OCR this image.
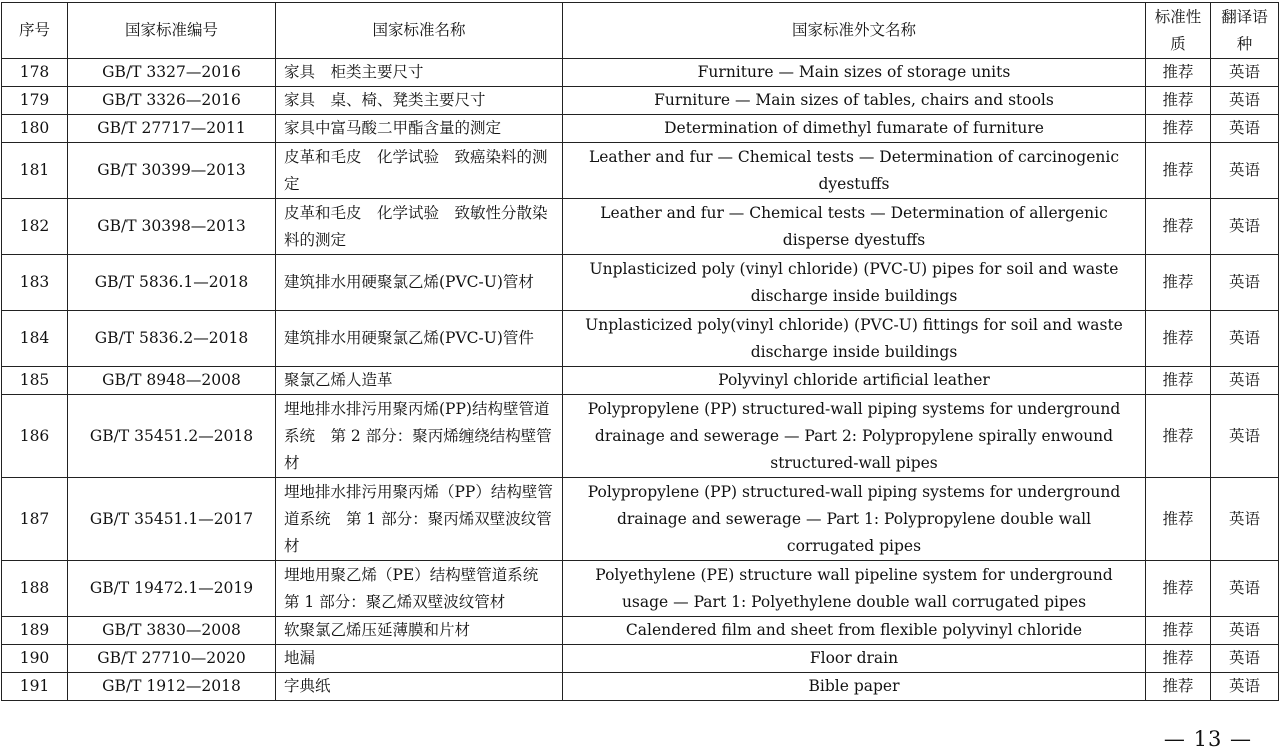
序号	国家标准编号	国家标准名称	国家标准外文名称	标准性质	翻译语种
178	GB/T 3327—2016	家具　柜类主要尺寸	Furniture — Main sizes of storage units	推荐	英语
179	GB/T 3326—2016	家具　桌、椅、凳类主要尺寸	Furniture — Main sizes of tables, chairs and stools	推荐	英语
180	GB/T 27717—2011	家具中富马酸二甲酯含量的测定	Determination of dimethyl fumarate of furniture	推荐	英语
181	GB/T 30399—2013	皮革和毛皮　化学试验　致癌染料的测定	Leather and fur — Chemical tests — Determination of carcinogenic dyestuffs	推荐	英语
182	GB/T 30398—2013	皮革和毛皮　化学试验　致敏性分散染料的测定	Leather and fur — Chemical tests — Determination of allergenic disperse dyestuffs	推荐	英语
183	GB/T 5836.1—2018	建筑排水用硬聚氯乙烯(PVC-U)管材	Unplasticized poly (vinyl chloride) (PVC-U) pipes for soil and waste discharge inside buildings	推荐	英语
184	GB/T 5836.2—2018	建筑排水用硬聚氯乙烯(PVC-U)管件	Unplasticized poly(vinyl chloride) (PVC-U) fittings for soil and waste discharge inside buildings	推荐	英语
185	GB/T 8948—2008	聚氯乙烯人造革	Polyvinyl chloride artificial leather	推荐	英语
186	GB/T 35451.2—2018	埋地排水排污用聚丙烯(PP)结构壁管道系统　第 2 部分：聚丙烯缠绕结构壁管材	Polypropylene (PP) structured-wall piping systems for underground drainage and sewerage — Part 2: Polypropylene spirally enwound structured-wall pipes	推荐	英语
187	GB/T 35451.1—2017	埋地排水排污用聚丙烯（PP）结构壁管道系统　第 1 部分：聚丙烯双壁波纹管材	Polypropylene (PP) structured-wall piping systems for underground drainage and sewerage — Part 1: Polypropylene double wall corrugated pipes	推荐	英语
188	GB/T 19472.1—2019	埋地用聚乙烯（PE）结构壁管道系统　第 1 部分：聚乙烯双壁波纹管材	Polyethylene (PE) structure wall pipeline system for underground usage — Part 1: Polyethylene double wall corrugated pipes	推荐	英语
189	GB/T 3830—2008	软聚氯乙烯压延薄膜和片材	Calendered film and sheet from flexible polyvinyl chloride	推荐	英语
190	GB/T 27710—2020	地漏	Floor drain	推荐	英语
191	GB/T 1912—2018	字典纸	Bible paper	推荐	英语
— 13 —
